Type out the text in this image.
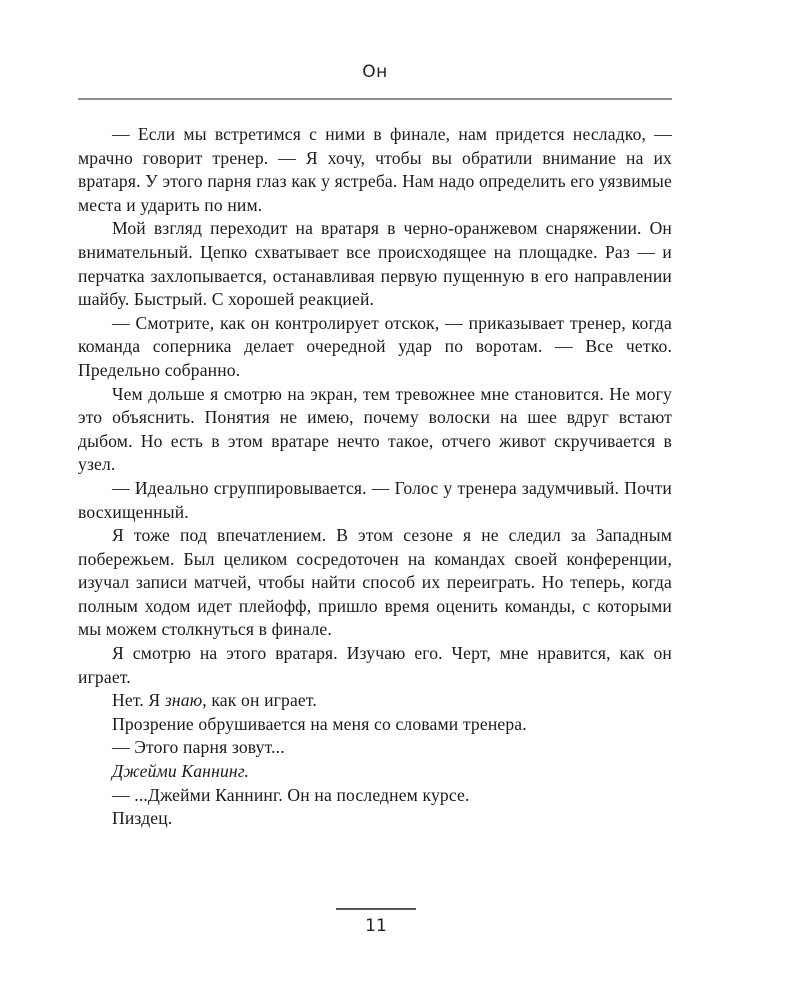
Он

— Если мы встретимся с ними в финале, нам придется несладко, — мрачно говорит тренер. — Я хочу, чтобы вы обратили внимание на их вратаря. У этого парня глаз как у ястреба. Нам надо определить его уязвимые места и ударить по ним.

Мой взгляд переходит на вратаря в черно-оранжевом снаряжении. Он внимательный. Цепко схватывает все происходящее на площадке. Раз — и перчатка захлопывается, останавливая первую пущенную в его направлении шайбу. Быстрый. С хорошей реакцией.

— Смотрите, как он контролирует отскок, — приказывает тренер, когда команда соперника делает очередной удар по воротам. — Все четко. Предельно собранно.

Чем дольше я смотрю на экран, тем тревожнее мне становится. Не могу это объяснить. Понятия не имею, почему волоски на шее вдруг встают дыбом. Но есть в этом вратаре нечто такое, отчего живот скручивается в узел.

— Идеально сгруппировывается. — Голос у тренера задумчивый. Почти восхищенный.

Я тоже под впечатлением. В этом сезоне я не следил за Западным побережьем. Был целиком сосредоточен на командах своей конференции, изучал записи матчей, чтобы найти способ их переиграть. Но теперь, когда полным ходом идет плейофф, пришло время оценить команды, с которыми мы можем столкнуться в финале.

Я смотрю на этого вратаря. Изучаю его. Черт, мне нравится, как он играет.

Нет. Я знаю, как он играет.

Прозрение обрушивается на меня со словами тренера.

— Этого парня зовут...

Джейми Каннинг.

— ...Джейми Каннинг. Он на последнем курсе.

Пиздец.

11
